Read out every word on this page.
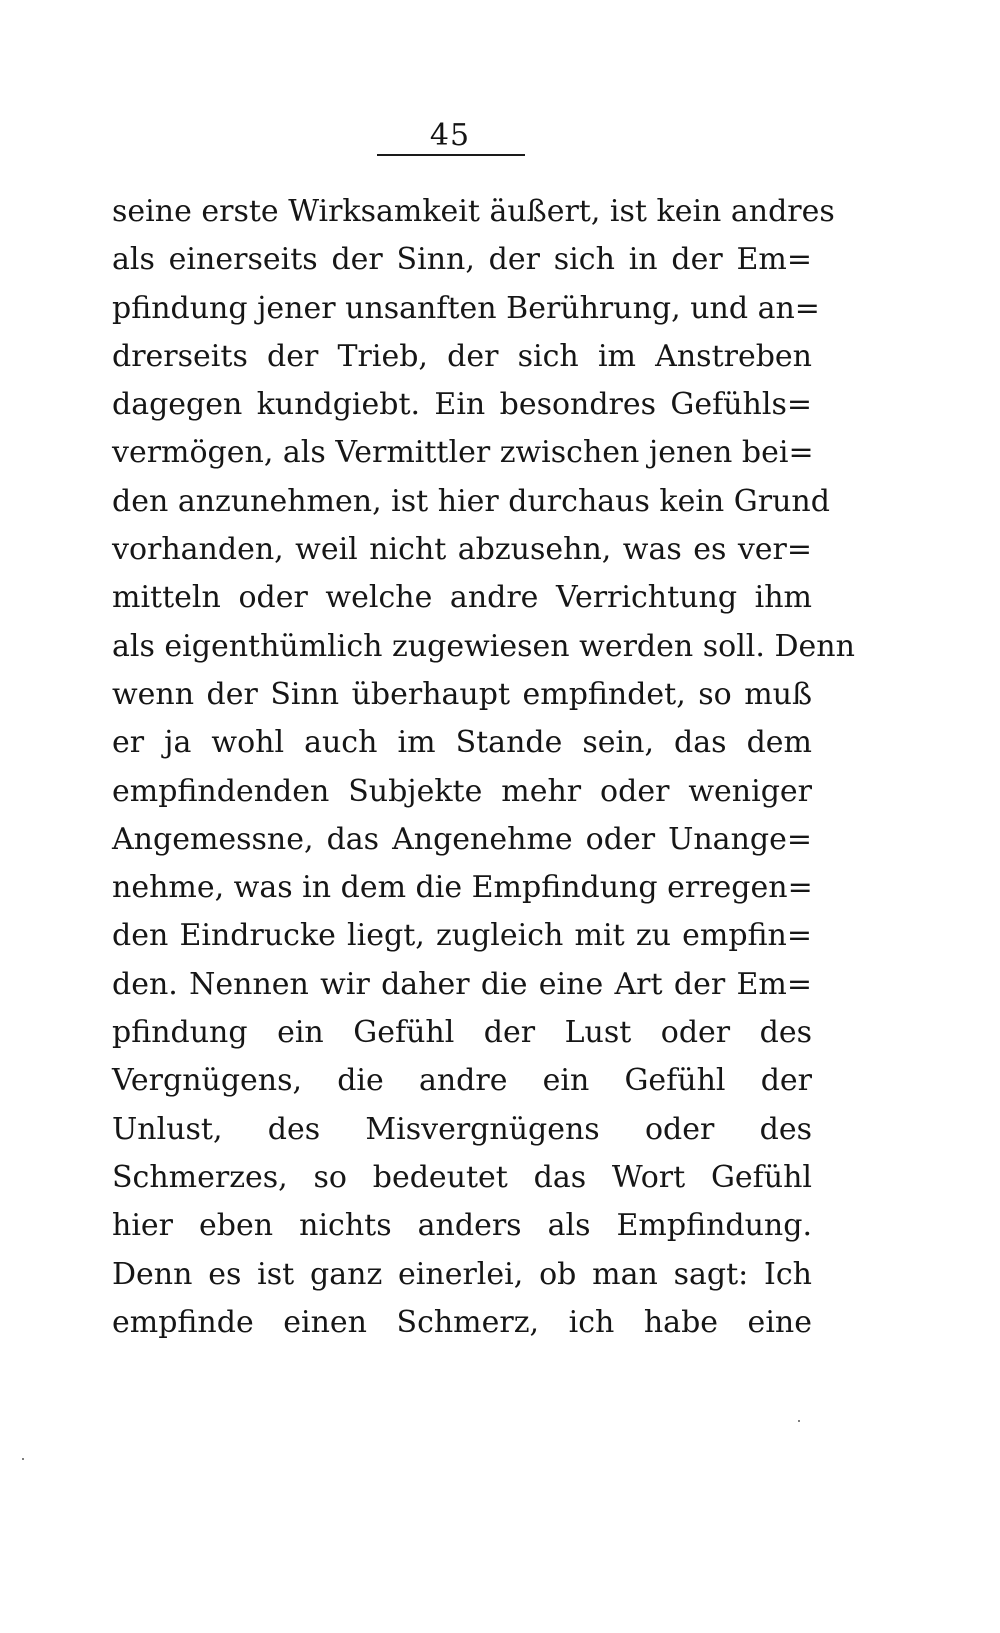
45
seine erste Wirksamkeit äußert, ist kein andres
als einerseits der Sinn, der sich in der Em=
pfindung jener unsanften Berührung, und an=
drerseits der Trieb, der sich im Anstreben
dagegen kundgiebt. Ein besondres Gefühls=
vermögen, als Vermittler zwischen jenen bei=
den anzunehmen, ist hier durchaus kein Grund
vorhanden, weil nicht abzusehn, was es ver=
mitteln oder welche andre Verrichtung ihm
als eigenthümlich zugewiesen werden soll. Denn
wenn der Sinn überhaupt empfindet, so muß
er ja wohl auch im Stande sein, das dem
empfindenden Subjekte mehr oder weniger
Angemessne, das Angenehme oder Unange=
nehme, was in dem die Empfindung erregen=
den Eindrucke liegt, zugleich mit zu empfin=
den. Nennen wir daher die eine Art der Em=
pfindung ein Gefühl der Lust oder des
Vergnügens, die andre ein Gefühl der
Unlust, des Misvergnügens oder des
Schmerzes, so bedeutet das Wort Gefühl
hier eben nichts anders als Empfindung.
Denn es ist ganz einerlei, ob man sagt: Ich
empfinde einen Schmerz, ich habe eine
